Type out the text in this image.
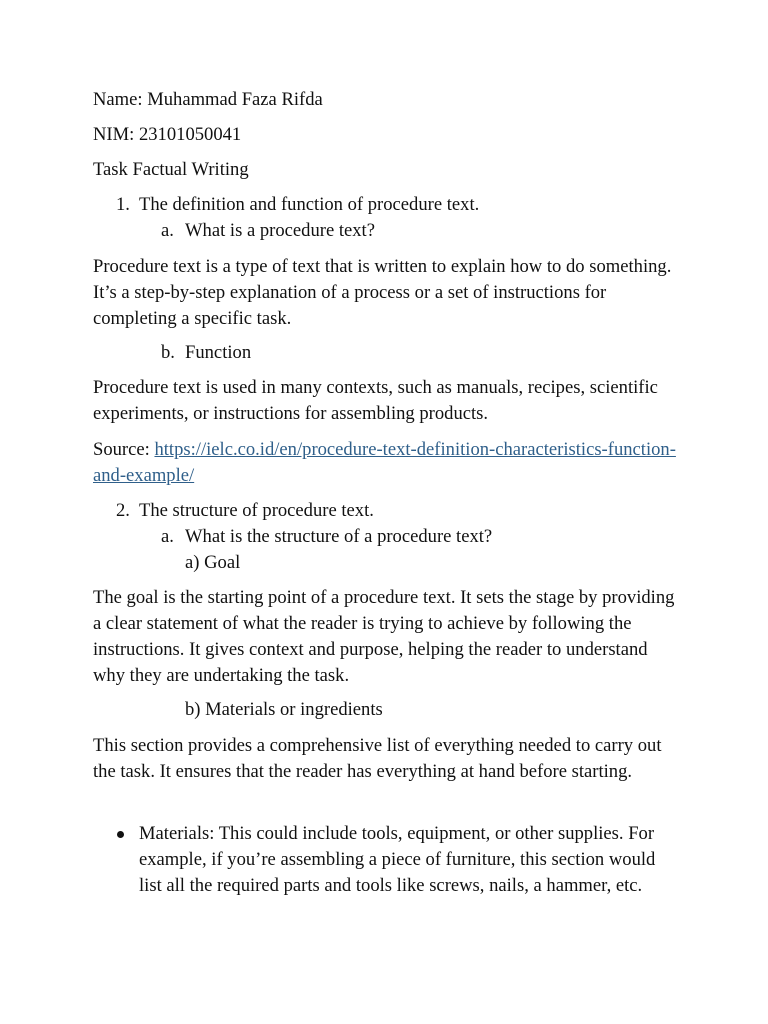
Name: Muhammad Faza Rifda
NIM: 23101050041
Task Factual Writing
1. The definition and function of procedure text.
a. What is a procedure text?
Procedure text is a type of text that is written to explain how to do something. It’s a step-by-step explanation of a process or a set of instructions for completing a specific task.
b. Function
Procedure text is used in many contexts, such as manuals, recipes, scientific experiments, or instructions for assembling products.
Source: https://ielc.co.id/en/procedure-text-definition-characteristics-function-and-example/
2. The structure of procedure text.
a. What is the structure of a procedure text?
a) Goal
The goal is the starting point of a procedure text. It sets the stage by providing a clear statement of what the reader is trying to achieve by following the instructions. It gives context and purpose, helping the reader to understand why they are undertaking the task.
b) Materials or ingredients
This section provides a comprehensive list of everything needed to carry out the task. It ensures that the reader has everything at hand before starting.
Materials: This could include tools, equipment, or other supplies. For example, if you’re assembling a piece of furniture, this section would list all the required parts and tools like screws, nails, a hammer, etc.
